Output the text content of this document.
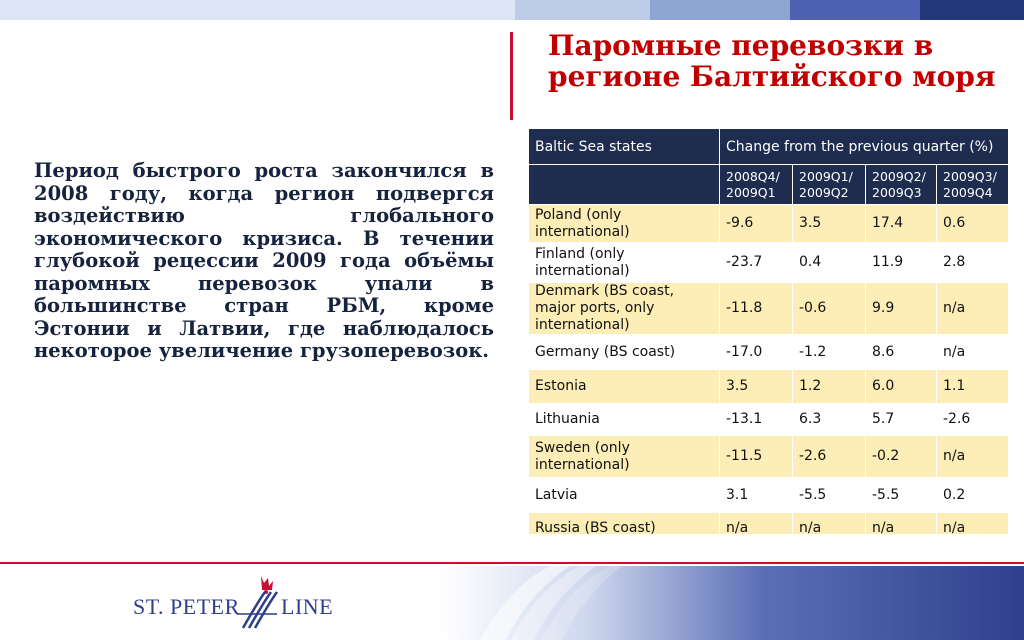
Паромные перевозки в регионе Балтийского моря

Период быстрого роста закончился в 2008 году, когда регион подвергся воздействию глобального экономического кризиса. В течении глубокой рецессии 2009 года объёмы паромных перевозок упали в большинстве стран РБМ, кроме Эстонии и Латвии, где наблюдалось некоторое увеличение грузоперевозок.

Baltic Sea states	Change from the previous quarter (%)			
	2008Q4/ 2009Q1	2009Q1/ 2009Q2	2009Q2/ 2009Q3	2009Q3/ 2009Q4
Poland (only international)	-9.6	3.5	17.4	0.6
Finland (only international)	-23.7	0.4	11.9	2.8
Denmark (BS coast, major ports, only international)	-11.8	-0.6	9.9	n/a
Germany (BS coast)	-17.0	-1.2	8.6	n/a
Estonia	3.5	1.2	6.0	1.1
Lithuania	-13.1	6.3	5.7	-2.6
Sweden (only international)	-11.5	-2.6	-0.2	n/a
Latvia	3.1	-5.5	-5.5	0.2
Russia (BS coast)	n/a	n/a	n/a	n/a
ST. PETER LINE
